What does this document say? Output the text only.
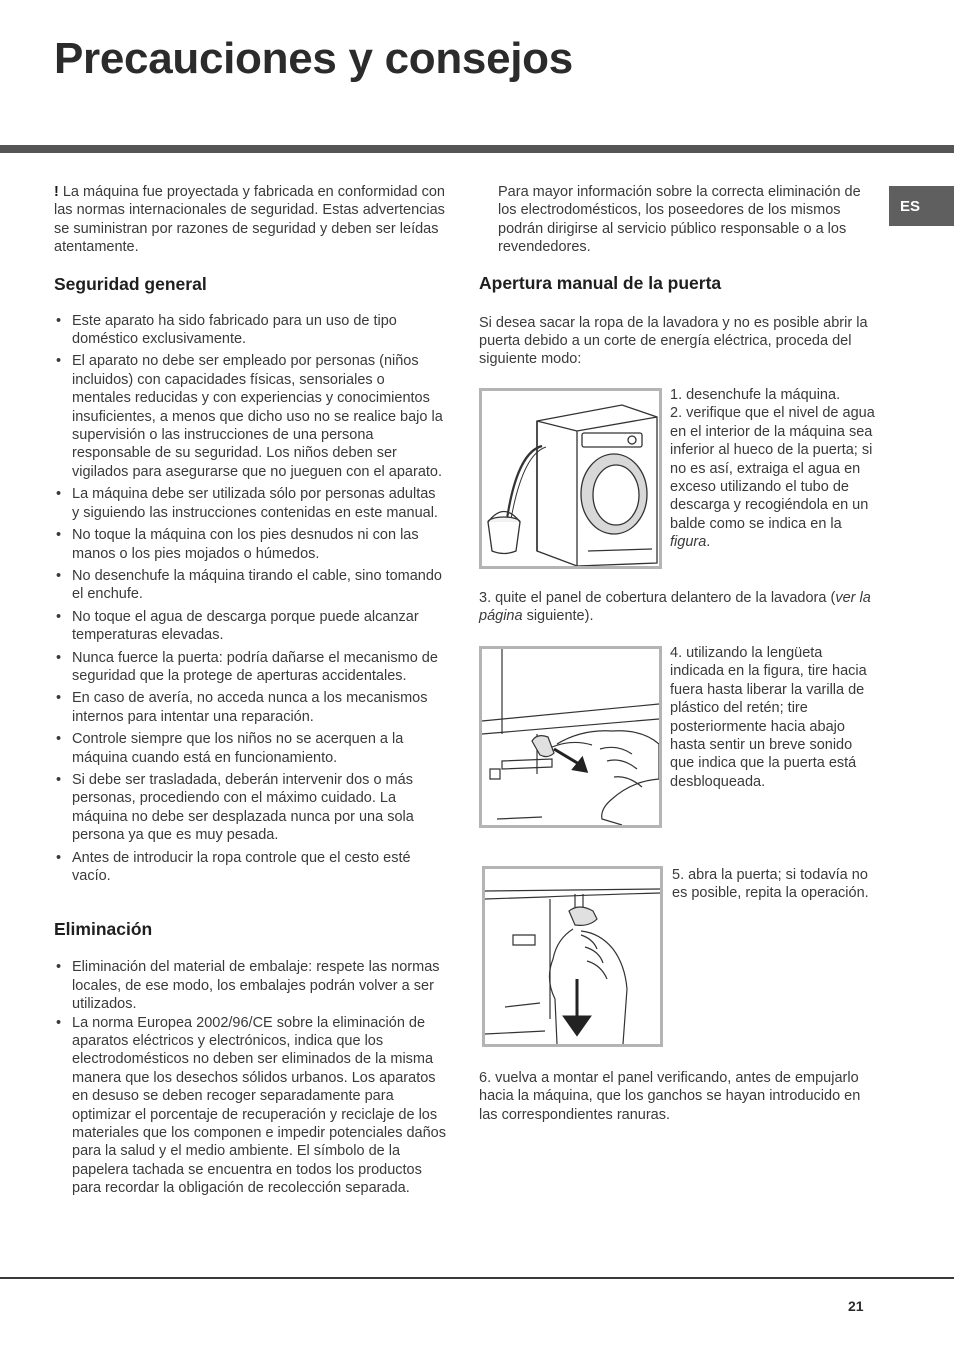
Precauciones y consejos
ES

! La máquina fue proyectada y fabricada en conformidad con las normas internacionales de seguridad. Estas advertencias se suministran por razones de seguridad y deben ser leídas atentamente.

Seguridad general
• Este aparato ha sido fabricado para un uso de tipo doméstico exclusivamente.
• El aparato no debe ser empleado por personas (niños incluidos) con capacidades físicas, sensoriales o mentales reducidas y con experiencias y conocimientos insuficientes, a menos que dicho uso no se realice bajo la supervisión o las instrucciones de una persona responsable de su seguridad. Los niños deben ser vigilados para asegurarse que no jueguen con el aparato.
• La máquina debe ser utilizada sólo por personas adultas y siguiendo las instrucciones contenidas en este manual.
• No toque la máquina con los pies desnudos ni con las manos o los pies mojados o húmedos.
• No desenchufe la máquina tirando el cable, sino tomando el enchufe.
• No toque el agua de descarga porque puede alcanzar temperaturas elevadas.
• Nunca fuerce la puerta: podría dañarse el mecanismo de seguridad que la protege de aperturas accidentales.
• En caso de avería, no acceda nunca a los mecanismos internos para intentar una reparación.
• Controle siempre que los niños no se acerquen a la máquina cuando está en funcionamiento.
• Si debe ser trasladada, deberán intervenir dos o más personas, procediendo con el máximo cuidado. La máquina no debe ser desplazada nunca por una sola persona ya que es muy pesada.
• Antes de introducir la ropa controle que el cesto esté vacío.
Eliminación
• Eliminación del material de embalaje: respete las normas locales, de ese modo, los embalajes podrán volver a ser utilizados.
• La norma Europea 2002/96/CE sobre la eliminación de aparatos eléctricos y electrónicos, indica que los electrodomésticos no deben ser eliminados de la misma manera que los desechos sólidos urbanos. Los aparatos en desuso se deben recoger separadamente para optimizar el porcentaje de recuperación y reciclaje de los materiales que los componen e impedir potenciales daños para la salud y el medio ambiente. El símbolo de la papelera tachada se encuentra en todos los productos para recordar la obligación de recolección separada.

Para mayor información sobre la correcta eliminación de los electrodomésticos, los poseedores de los mismos podrán dirigirse al servicio público responsable o a los revendedores.

Apertura manual de la puerta

Si desea sacar la ropa de la lavadora y no es posible abrir la puerta debido a un corte de energía eléctrica, proceda del siguiente modo:

1. desenchufe la máquina.

2. verifique que el nivel de agua en el interior de la máquina sea inferior al hueco de la puerta; si no es así, extraiga el agua en exceso utilizando el tubo de descarga y recogiéndola en un balde como se indica en la figura.

3. quite el panel de cobertura delantero de la lavadora (ver la página siguiente).

4. utilizando la lengüeta indicada en la figura, tire hacia fuera hasta liberar la varilla de plástico del retén; tire posteriormente hacia abajo hasta sentir un breve sonido que indica que la puerta está desbloqueada.

5. abra la puerta; si todavía no es posible, repita la operación.

6. vuelva a montar el panel verificando, antes de empujarlo hacia la máquina, que los ganchos se hayan introducido en las correspondientes ranuras.

21
